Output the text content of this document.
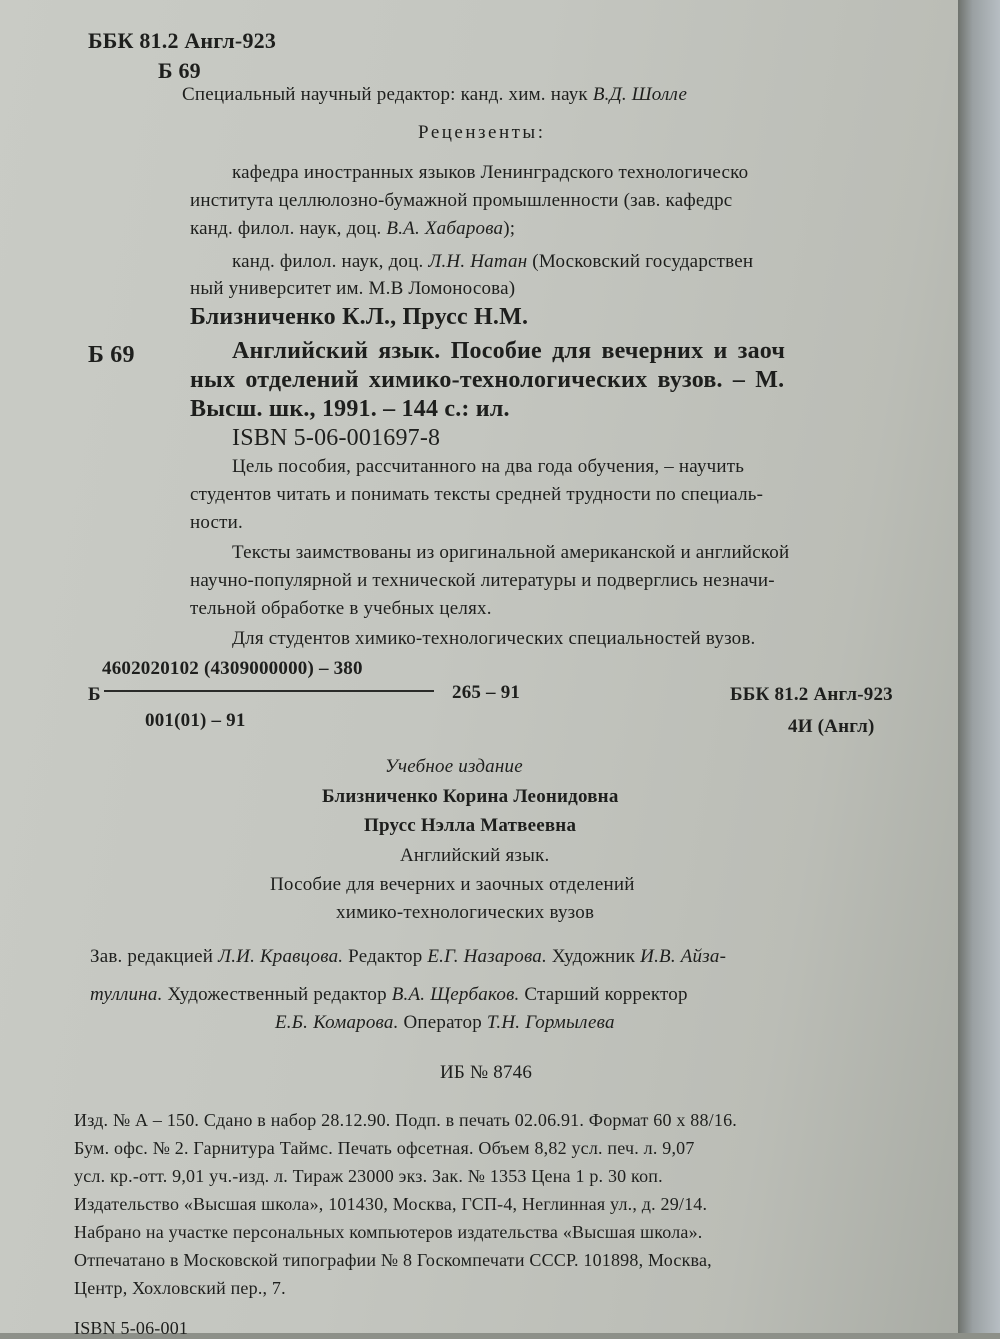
ББК 81.2 Англ-923
Б 69
Специальный научный редактор: канд. хим. наук В.Д. Шолле
Рецензенты:
кафедра иностранных языков Ленинградского технологическо
института целлюлозно-бумажной промышленности (зав. кафедрс
канд. филол. наук, доц. В.А. Хабарова);
канд. филол. наук, доц. Л.Н. Натан (Московский государствен
ный университет им. М.В Ломоносова)
Близниченко К.Л., Прусс Н.М.
Б 69	Английский язык. Пособие для вечерних и заоч
ных отделений химико-технологических вузов. – М.
Высш. шк., 1991. – 144 с.: ил.
ISBN 5-06-001697-8
Цель пособия, рассчитанного на два года обучения, – научить
студентов читать и понимать тексты средней трудности по специаль-
ности.
Тексты заимствованы из оригинальной американской и английской
научно-популярной и технической литературы и подверглись незначи-
тельной обработке в учебных целях.
Для студентов химико-технологических специальностей вузов.
4602020102 (4309000000) – 380
Б	265 – 91	ББК 81.2 Англ-923
001(01) – 91	4И (Англ)
Учебное издание
Близниченко Корина Леонидовна
Прусс Нэлла Матвеевна
Английский язык.
Пособие для вечерних и заочных отделений
химико-технологических вузов
Зав. редакцией Л.И. Кравцова. Редактор Е.Г. Назарова. Художник И.В. Айза-
туллина. Художественный редактор В.А. Щербаков. Старший корректор
Е.Б. Комарова. Оператор Т.Н. Гормылева
ИБ № 8746
Изд. № А – 150. Сдано в набор 28.12.90. Подп. в печать 02.06.91. Формат 60 x 88/16.
Бум. офс. № 2. Гарнитура Таймс. Печать офсетная. Объем 8,82 усл. печ. л. 9,07
усл. кр.-отт. 9,01 уч.-изд. л. Тираж 23000 экз. Зак. № 1353 Цена 1 р. 30 коп.
Издательство «Высшая школа», 101430, Москва, ГСП-4, Неглинная ул., д. 29/14.
Набрано на участке персональных компьютеров издательства «Высшая школа».
Отпечатано в Московской типографии № 8 Госкомпечати СССР. 101898, Москва,
Центр, Хохловский пер., 7.
ISBN 5-06-001
